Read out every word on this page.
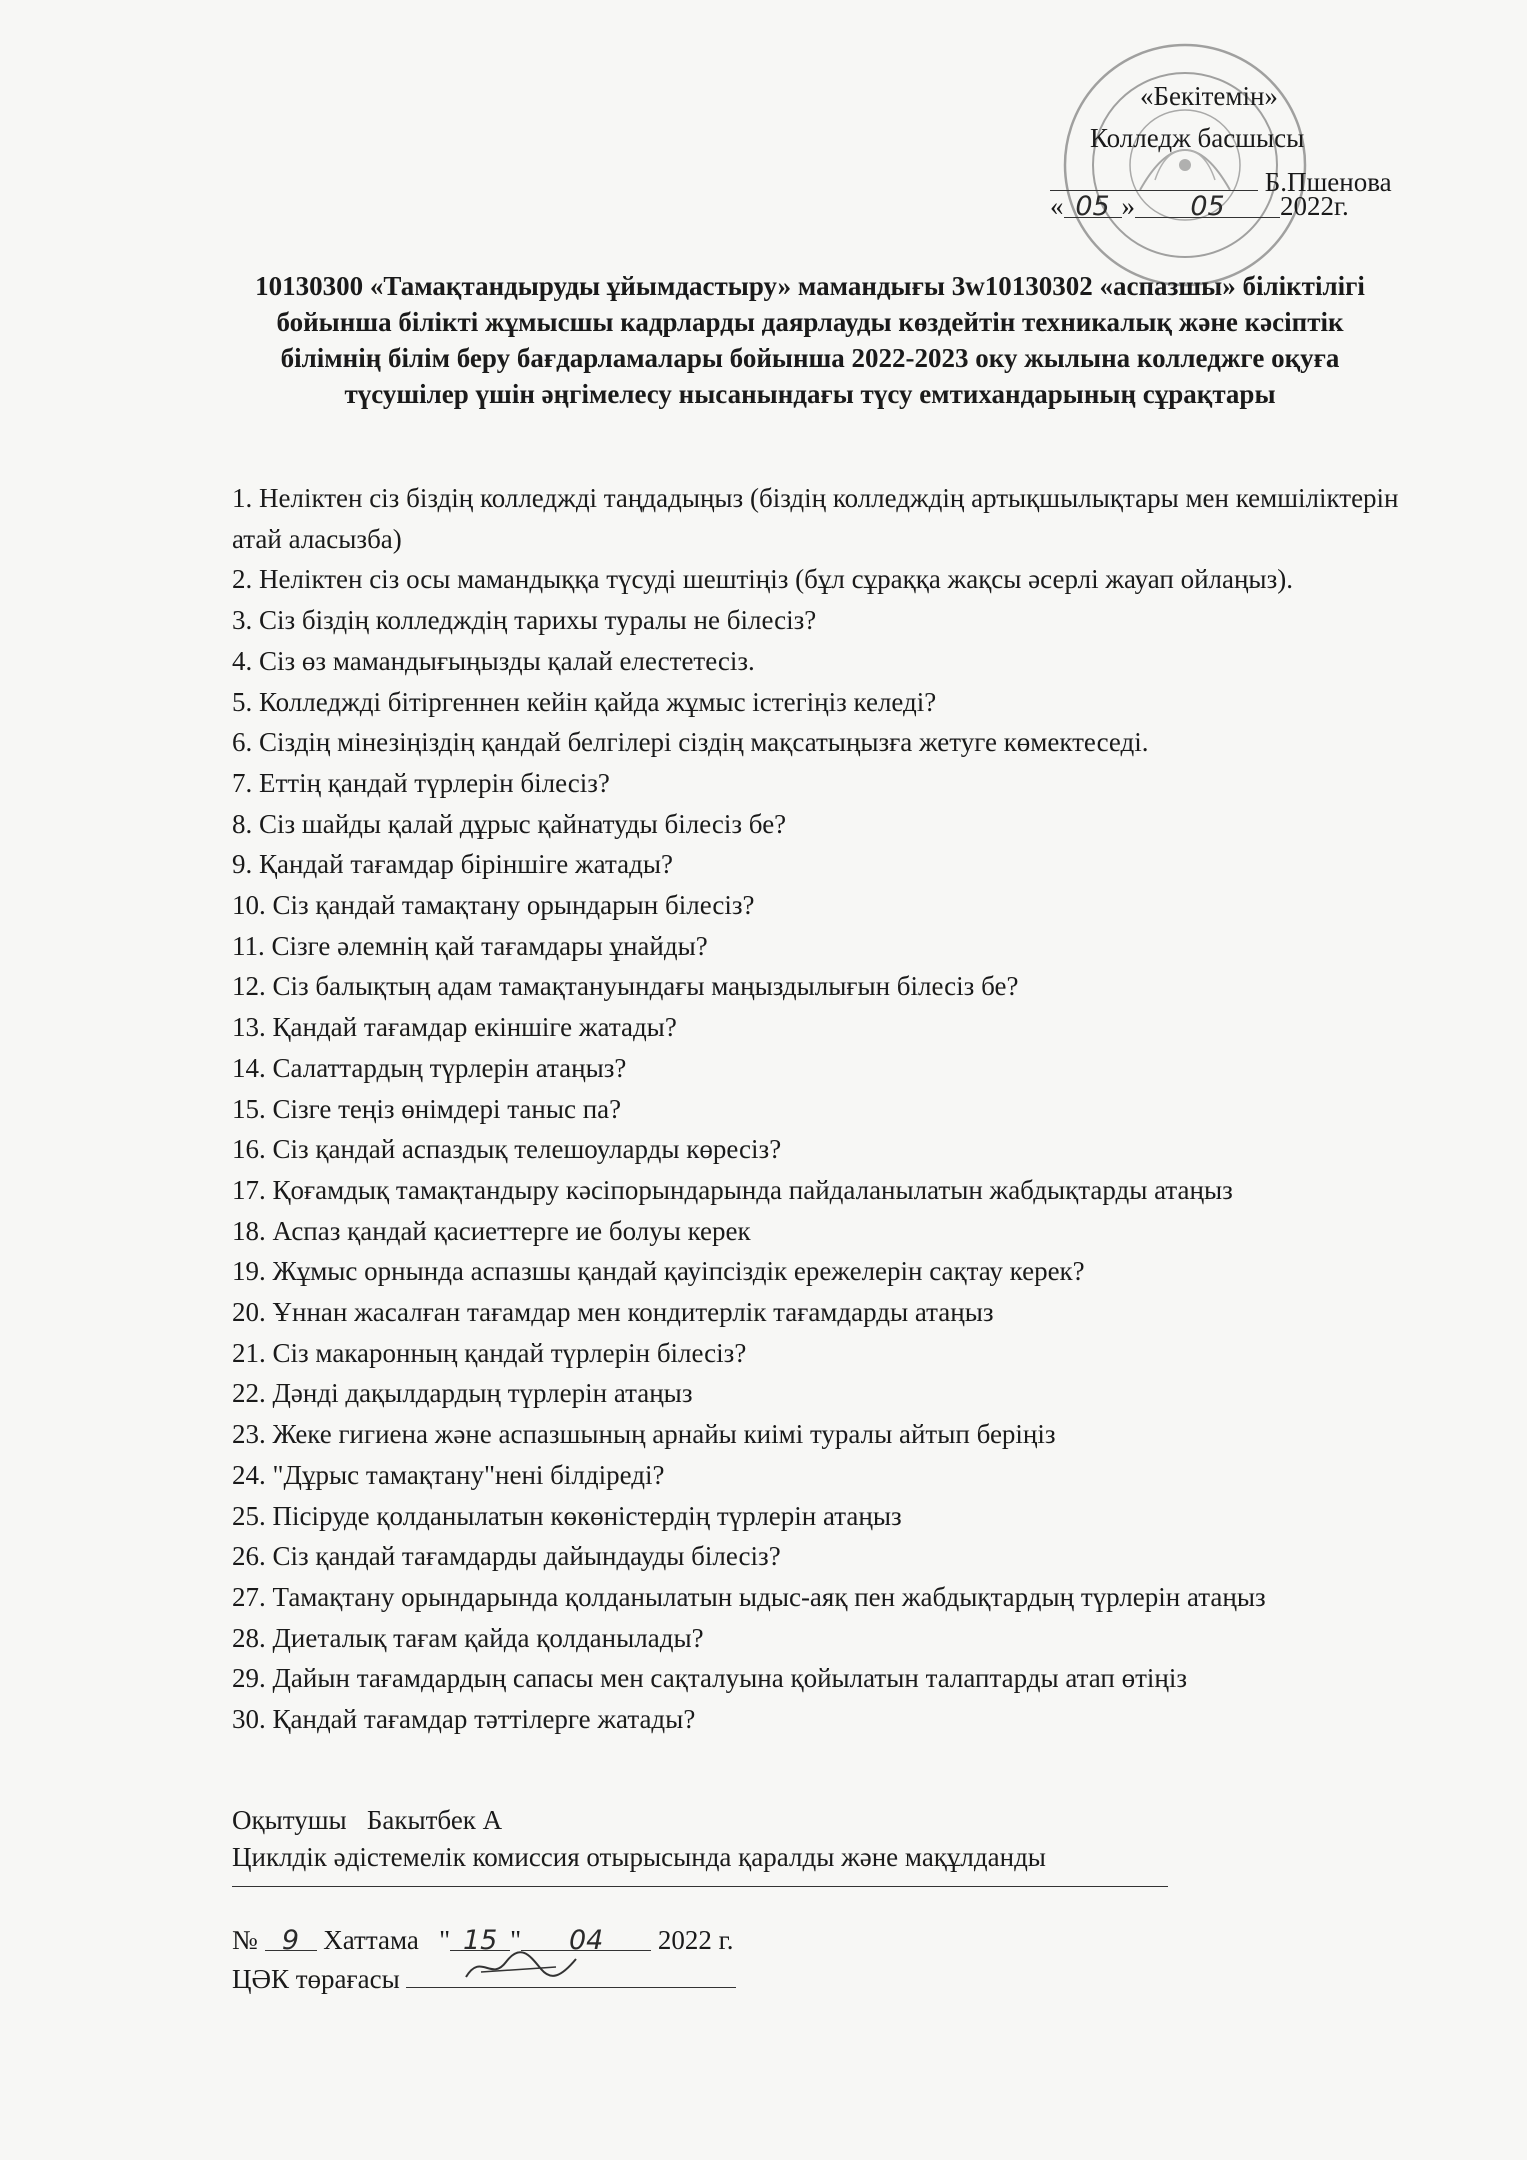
«Бекітемін»
Колледж басшысы
Б.Пшенова
« 05 » 05 2022г.
10130300 «Тамақтандыруды ұйымдастыру» мамандығы 3w10130302 «аспазшы» біліктілігі бойынша білікті жұмысшы кадрларды даярлауды көздейтін техникалық және кәсіптік білімнің білім беру бағдарламалары бойынша 2022-2023 оку жылына колледжге оқуға түсушілер үшін әңгімелесу нысанындағы түсу емтихандарының сұрақтары
1. Неліктен сіз біздің колледжді таңдадыңыз (біздің колледждің артықшылықтары мен кемшіліктерін атай аласызба)
2. Неліктен сіз осы мамандыққа түсуді шештіңіз (бұл сұраққа жақсы әсерлі жауап ойлаңыз).
3. Сіз біздің колледждің тарихы туралы не білесіз?
4. Сіз өз мамандығыңызды қалай елестетесіз.
5. Колледжді бітіргеннен кейін қайда жұмыс істегіңіз келеді?
6. Сіздің мінезіңіздің қандай белгілері сіздің мақсатыңызға жетуге көмектеседі.
7. Еттің қандай түрлерін білесіз?
8. Сіз шайды қалай дұрыс қайнатуды білесіз бе?
9. Қандай тағамдар біріншіге жатады?
10. Сіз қандай тамақтану орындарын білесіз?
11. Сізге әлемнің қай тағамдары ұнайды?
12. Сіз балықтың адам тамақтануындағы маңыздылығын білесіз бе?
13. Қандай тағамдар екіншіге жатады?
14. Салаттардың түрлерін атаңыз?
15. Сізге теңіз өнімдері таныс па?
16. Сіз қандай аспаздық телешоуларды көресіз?
17. Қоғамдық тамақтандыру кәсіпорындарында пайдаланылатын жабдықтарды атаңыз
18. Аспаз қандай қасиеттерге ие болуы керек
19. Жұмыс орнында аспазшы қандай қауіпсіздік ережелерін сақтау керек?
20. Ұннан жасалған тағамдар мен кондитерлік тағамдарды атаңыз
21. Сіз макаронның қандай түрлерін білесіз?
22. Дәнді дақылдардың түрлерін атаңыз
23. Жеке гигиена және аспазшының арнайы киімі туралы айтып беріңіз
24. "Дұрыс тамақтану"нені білдіреді?
25. Пісіруде қолданылатын көкөністердің түрлерін атаңыз
26. Сіз қандай тағамдарды дайындауды білесіз?
27. Тамақтану орындарында қолданылатын ыдыс-аяқ пен жабдықтардың түрлерін атаңыз
28. Диеталық тағам қайда қолданылады?
29. Дайын тағамдардың сапасы мен сақталуына қойылатын талаптарды атап өтіңіз
30. Қандай тағамдар тәттілерге жатады?
Оқытушы Бакытбек А
Циклдік әдістемелік комиссия отырысында қаралды және мақұлданды
№ 9 Хаттама " 15 " 04 2022 г.
ЦӘК төрағасы
